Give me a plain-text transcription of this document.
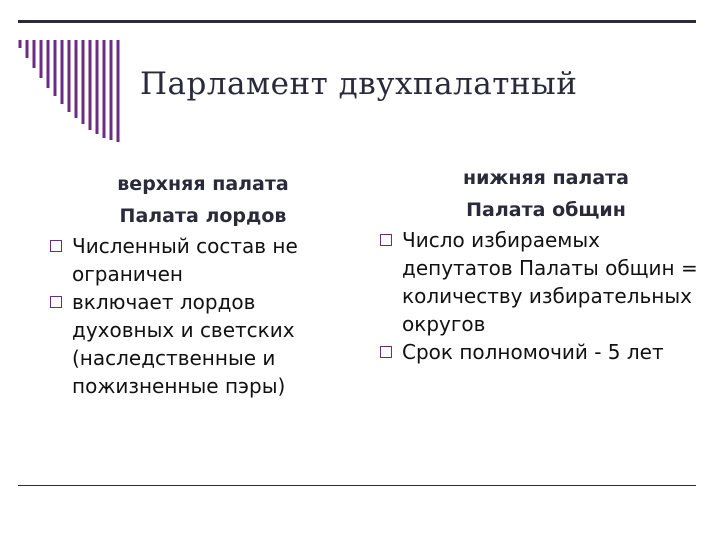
Парламент двухпалатный
верхняя палата
Палата лордов
Численный состав не ограничен
включает лордов духовных и светских (наследственные и пожизненные пэры)
нижняя палата
Палата общин
Число избираемых депутатов Палаты общин = количеству избирательных округов
Срок полномочий - 5 лет
